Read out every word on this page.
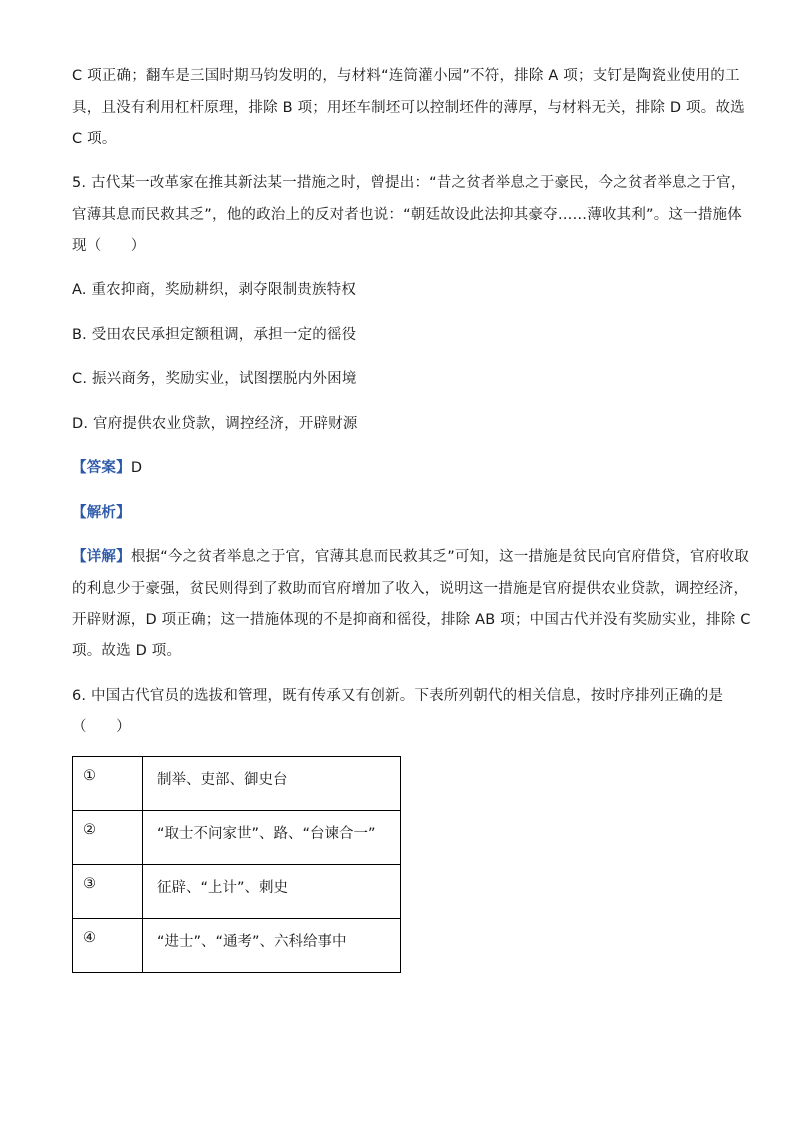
C 项正确；翻车是三国时期马钧发明的，与材料“连筒灌小园”不符，排除 A 项；支钉是陶瓷业使用的工
具，且没有利用杠杆原理，排除 B 项；用坯车制坯可以控制坯件的薄厚，与材料无关，排除 D 项。故选
C 项。
5. 古代某一改革家在推其新法某一措施之时，曾提出：“昔之贫者举息之于豪民，今之贫者举息之于官，
官薄其息而民救其乏”，他的政治上的反对者也说：“朝廷故设此法抑其豪夺……薄收其利”。这一措施体
现（　　）
A. 重农抑商，奖励耕织，剥夺限制贵族特权
B. 受田农民承担定额租调，承担一定的徭役
C. 振兴商务，奖励实业，试图摆脱内外困境
D. 官府提供农业贷款，调控经济，开辟财源
【答案】D
【解析】
【详解】根据“今之贫者举息之于官，官薄其息而民救其乏”可知，这一措施是贫民向官府借贷，官府收取
的利息少于豪强，贫民则得到了救助而官府增加了收入，说明这一措施是官府提供农业贷款，调控经济，
开辟财源，D 项正确；这一措施体现的不是抑商和徭役，排除 AB 项；中国古代并没有奖励实业，排除 C
项。故选 D 项。
6. 中国古代官员的选拔和管理，既有传承又有创新。下表所列朝代的相关信息，按时序排列正确的是
（　　）
①	制举、吏部、御史台
②	“取士不问家世”、路、“台谏合一”
③	征辟、“上计”、刺史
④	“进士”、“通考”、六科给事中
